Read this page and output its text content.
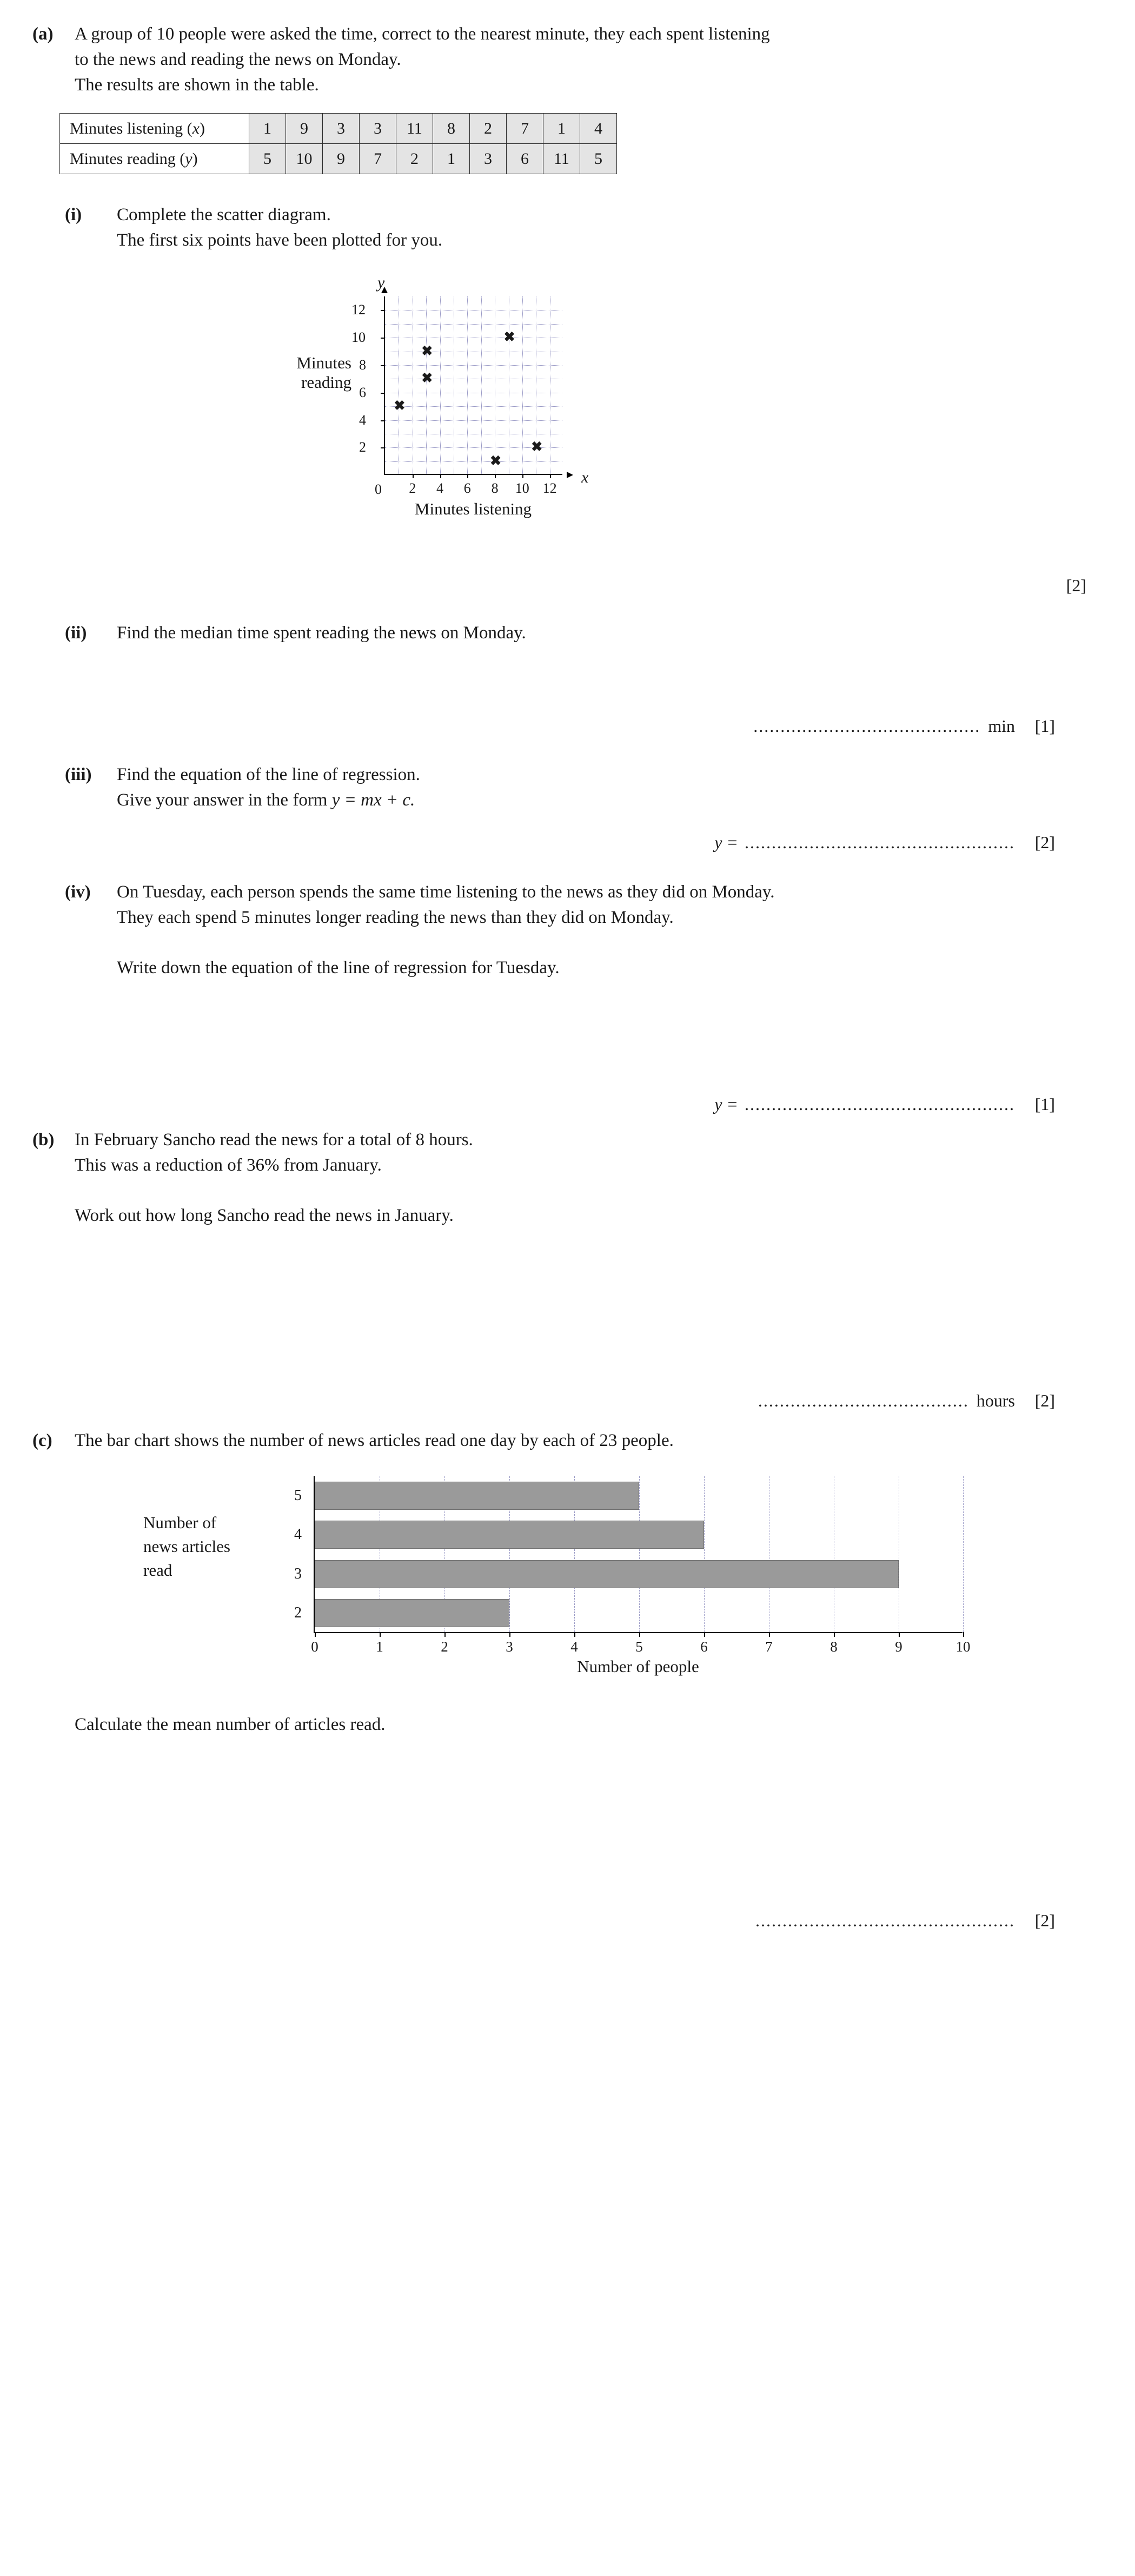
(a)	A group of 10 people were asked the time, correct to the nearest minute, they each spent listening

to the news and reading the news on Monday.

The results are shown in the table.

Minutes listening (x)	1	9	3	3	11	8	2	7	1	4
Minutes reading (y)	5	10	9	7	2	1	3	6	11	5
(i)	Complete the scatter diagram.

The first six points have been plotted for you.

Minutes
reading
y
x
0 2 4 6 8 10 12
2
4
6
8
10
12
✖
✖
✖
✖
✖
✖
Minutes listening
[2]
(ii)	Find the median time spent reading the news on Monday.

.......................................... min	[1]
(iii)	Find the equation of the line of regression.

Give your answer in the form y = mx + c.

y = ..................................................	[2]
(iv)	On Tuesday, each person spends the same time listening to the news as they did on Monday.

They each spend 5 minutes longer reading the news than they did on Monday.

Write down the equation of the line of regression for Tuesday.

y = ..................................................	[1]
(b)	In February Sancho read the news for a total of 8 hours.

This was a reduction of 36% from January.

Work out how long Sancho read the news in January.

....................................... hours	[2]
(c)	The bar chart shows the number of news articles read one day by each of 23 people.

Number of
news articles
read
5
4
3
2
0	1	2	3	4	5	6	7	8	9	10
Number of people

Calculate the mean number of articles read.

................................................	[2]
